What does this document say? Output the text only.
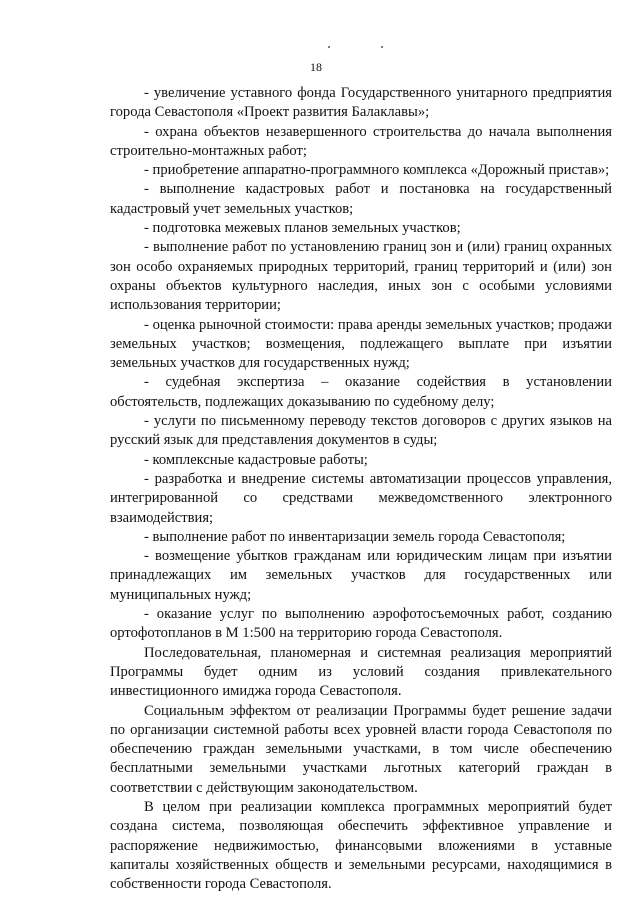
18

- увеличение уставного фонда Государственного унитарного предприятия города Севастополя «Проект развития Балаклавы»;

- охрана объектов незавершенного строительства до начала выполнения строительно-монтажных работ;

- приобретение аппаратно-программного комплекса «Дорожный пристав»;

- выполнение кадастровых работ и постановка на государственный кадастровый учет земельных участков;

- подготовка межевых планов земельных участков;

- выполнение работ по установлению границ зон и (или) границ охранных зон особо охраняемых природных территорий, границ территорий и (или) зон охраны объектов культурного наследия, иных зон с особыми условиями использования территории;

- оценка рыночной стоимости: права аренды земельных участков; продажи земельных участков; возмещения, подлежащего выплате при изъятии земельных участков для государственных нужд;

- судебная экспертиза – оказание содействия в установлении обстоятельств, подлежащих доказыванию по судебному делу;

- услуги по письменному переводу текстов договоров с других языков на русский язык для представления документов в суды;

- комплексные кадастровые работы;

- разработка и внедрение системы автоматизации процессов управления, интегрированной со средствами межведомственного электронного взаимодействия;

- выполнение работ по инвентаризации земель города Севастополя;

- возмещение убытков гражданам или юридическим лицам при изъятии принадлежащих им земельных участков для государственных или муниципальных нужд;

- оказание услуг по выполнению аэрофотосъемочных работ, созданию ортофотопланов в М 1:500 на территорию города Севастополя.

Последовательная, планомерная и системная реализация мероприятий Программы будет одним из условий создания привлекательного инвестиционного имиджа города Севастополя.

Социальным эффектом от реализации Программы будет решение задачи по организации системной работы всех уровней власти города Севастополя по обеспечению граждан земельными участками, в том числе обеспечению бесплатными земельными участками льготных категорий граждан в соответствии с действующим законодательством.

В целом при реализации комплекса программных мероприятий будет создана система, позволяющая обеспечить эффективное управление и распоряжение недвижимостью, финансовыми вложениями в уставные капиталы хозяйственных обществ и земельными ресурсами, находящимися в собственности города Севастополя.
